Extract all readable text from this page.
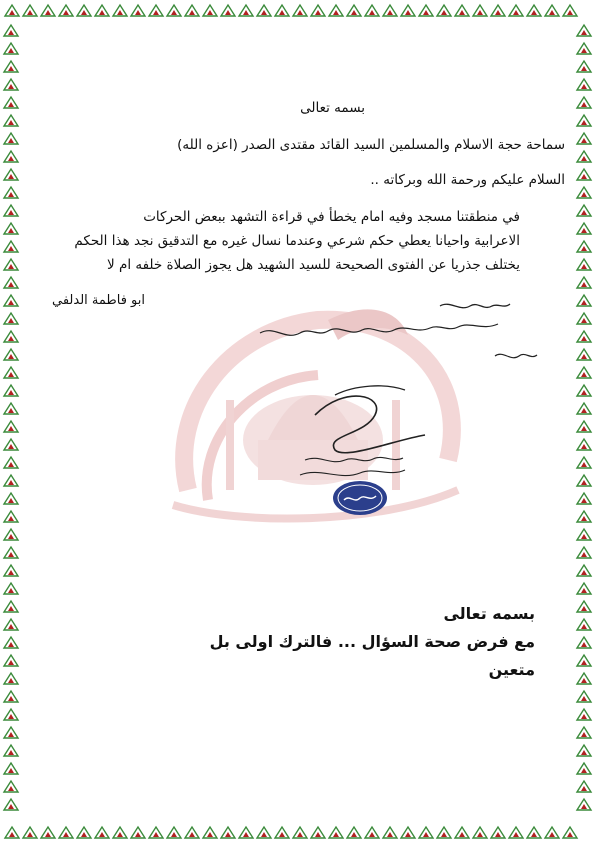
بسمه تعالى
سماحة حجة الاسلام والمسلمين السيد القائد مقتدى الصدر (اعزه الله)
السلام عليكم ورحمة الله وبركاته ..
في منطقتنا مسجد وفيه امام يخطأ في قراءة التشهد ببعض الحركات
الاعرابية واحيانا يعطي حكم شرعي وعندما نسال غيره مع التدقيق نجد هذا الحكم
يختلف جذريا عن الفتوى الصحيحة للسيد الشهيد هل يجوز الصلاة خلفه ام لا
ابو فاطمة الدلفي
بسمه تعالى
مع فرض صحة السؤال ... فالترك اولى بل
متعين
